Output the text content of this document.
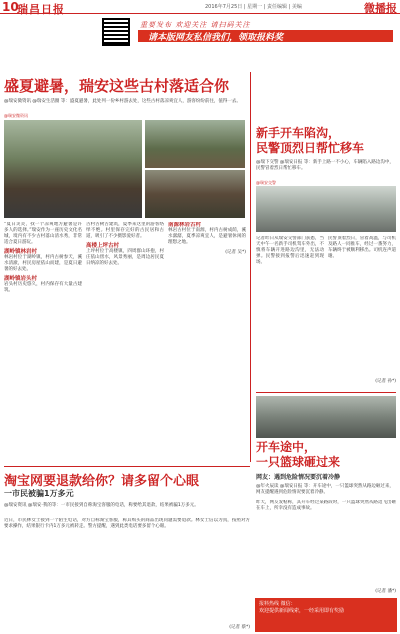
10
瑞昌日报	2016年7月25日 | 星期一 | 责任编辑 | 美编	微播报
重要发布 欢迎关注 请扫码关注
请本版网友私信我们，领取报料奖
盛夏避暑，瑞安这些古村落适合你
@瑞安微资讯 @瑞安生活圈 等：盛夏避暑，此处列一份乡村游去处，这些古村落凉爽宜人，游客纷纷前往，值得一去。
@瑞安微资讯
“夏日炎炎，找一个凉爽地方避暑是许多人的选择。”瑞安作为一座历史文化名城，境内有不少古村落山清水秀，非常适合夏日游玩。
湖岭镇林岩村
林岩村位于湖岭镇，村内古树参天，溪水清澈，村民房屋依山而建，是夏日避暑的好去处。
湖岭镇岩头村
岩头村历史悠久，村内保存有大量古建筑。
古村古树古建筑，夏季来这里的游客络绎不绝。村里保存完好的古民居和古道，吸引了不少摄影爱好者。
高楼上坪古村
上坪村位于高楼镇，四周群山环抱，村庄依山傍水，风景秀丽，是周边居民夏日纳凉的好去处。
南源林岩古村
林岩古村位于南源，村内古树成荫，溪水潺潺，夏季凉爽宜人，是避暑休闲的理想之地。
(记者 吴*)
新手开车陷沟，
民警顶烈日帮忙移车
@瑞下交警 @瑞安日报 等：新手上路一不小心，车辆陷入路边沟中，民警冒着烈日帮忙移车。
@瑞安交警
记者昨日从瑞安交警部门获悉，当天中午一名新手司机驾车外出，不慎将车辆开进路边沟里，无法动弹。民警接到报警后迅速赶到现场。
民警顶着烈日，冒着高温，与司机及路人一同推车，经过一番努力，车辆终于被顺利移出。司机连声道谢。
(记者 孙*)
开车途中，
一只篮球砸过来
网友：遇到危险情况要沉着冷静
@年火辰读 @瑞安日报 等：开车途中，一只篮球突然从路边砸过来，网友提醒遇到危险情况要沉着冷静。
昨天，网友发帖称，其开车经过某路段时，一只篮球突然从路边飞出砸在车上，所幸没有造成事故。
(记者 潘*)
淘宝网要退款给你？请多留个心眼
一市民被骗1万多元
@瑞安资讯 @瑞安·我的等：一市民接到自称淘宝客服的电话，称要给其退款，结果被骗1万多元。
近日，市民林女士接到一个陌生电话，对方自称淘宝客服，称其购买的商品出现问题需要退款。林女士信以为真，按照对方要求操作，结果银行卡内1万多元被转走。警方提醒，遇到此类电话要多留个心眼。
(记者 蔡*)
报料热线 微信：
欢迎提供新闻线索，一经采用即有奖励
